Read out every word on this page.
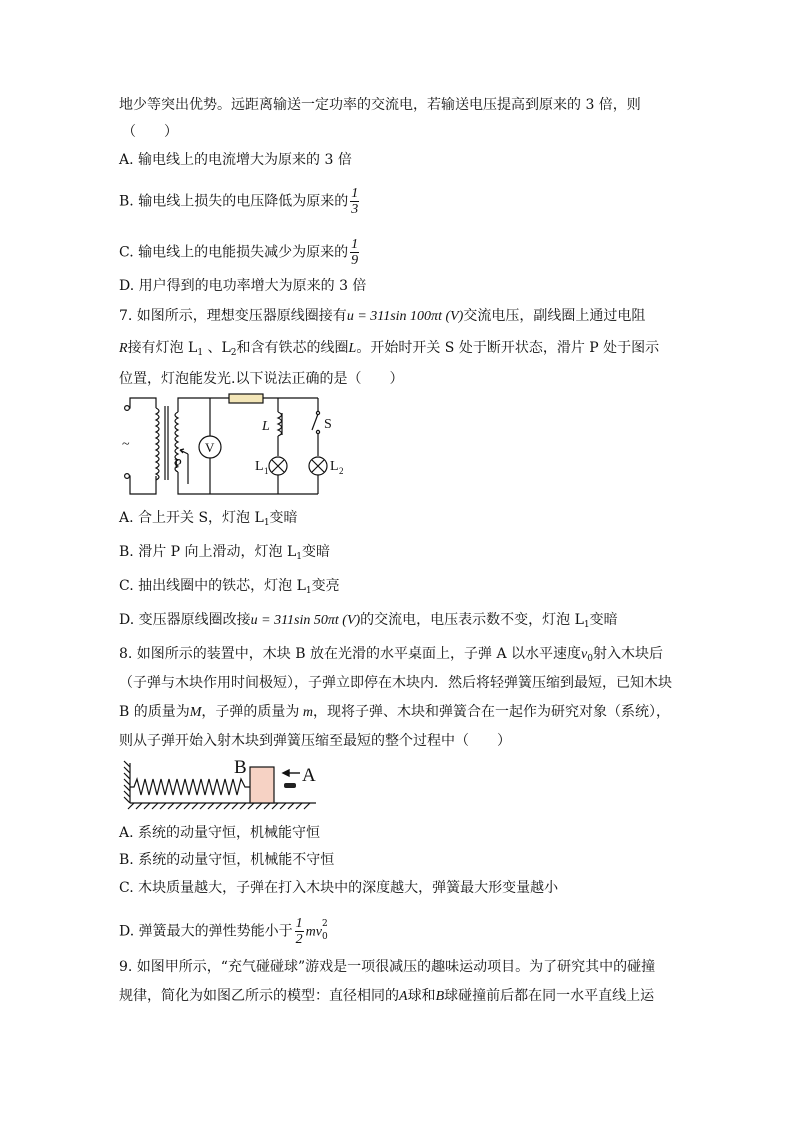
地少等突出优势。远距离输送一定功率的交流电，若输送电压提高到原来的 3 倍，则
（　　）
A. 输电线上的电流增大为原来的 3 倍
B. 输电线上损失的电压降低为原来的 $\frac{1}{3}$
C. 输电线上的电能损失减少为原来的 $\frac{1}{9}$
D. 用户得到的电功率增大为原来的 3 倍
7. 如图所示，理想变压器原线圈接有u = 311sin 100πt (V)交流电压，副线圈上通过电阻
R接有灯泡 $L_1$ 、$L_2$和含有铁芯的线圈L。开始时开关 S 处于断开状态，滑片 P 处于图示
位置，灯泡能发光.以下说法正确的是（　　）
~
P
V
L	S
L 1	L 2
A. 合上开关 S，灯泡 $L_1$变暗
B. 滑片 P 向上滑动，灯泡 $L_1$变暗
C. 抽出线圈中的铁芯，灯泡 $L_1$变亮
D. 变压器原线圈改接u = 311sin 50πt (V)的交流电，电压表示数不变，灯泡 $L_1$变暗
8. 如图所示的装置中，木块 B 放在光滑的水平桌面上，子弹 A 以水平速度$v_0$射入木块后
（子弹与木块作用时间极短），子弹立即停在木块内．然后将轻弹簧压缩到最短，已知木块
B 的质量为M，子弹的质量为 m，现将子弹、木块和弹簧合在一起作为研究对象（系统），
则从子弹开始入射木块到弹簧压缩至最短的整个过程中（　　）
B	A
A. 系统的动量守恒，机械能守恒
B. 系统的动量守恒，机械能不守恒
C. 木块质量越大，子弹在打入木块中的深度越大，弹簧最大形变量越小
D. 弹簧最大的弹性势能小于 $\frac{1}{2}$ mv
2
0
9. 如图甲所示，“充气碰碰球”游戏是一项很减压的趣味运动项目。为了研究其中的碰撞
规律，简化为如图乙所示的模型：直径相同的A球和B球碰撞前后都在同一水平直线上运
